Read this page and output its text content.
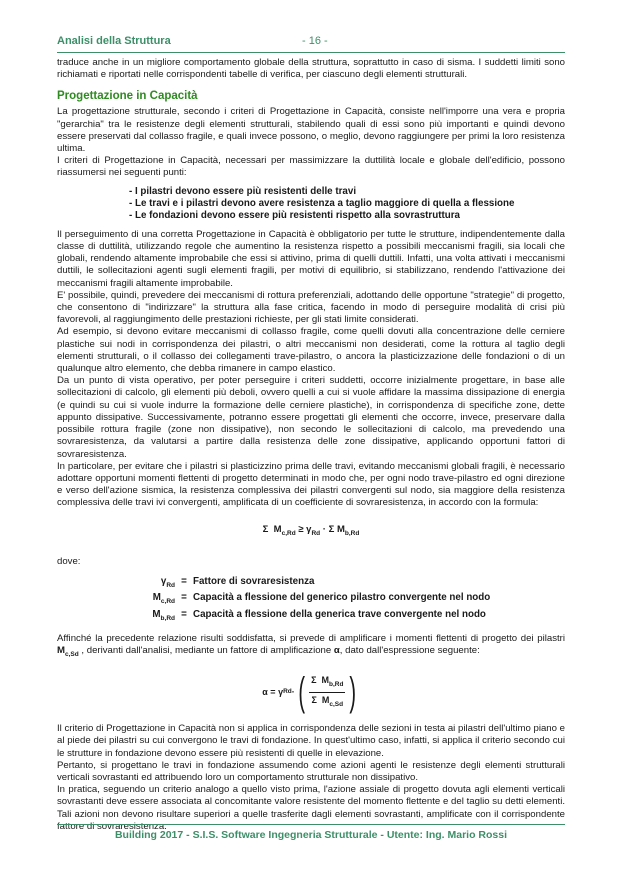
Analisi della Struttura	- 16 -

traduce anche in un migliore comportamento globale della struttura, soprattutto in caso di sisma. I suddetti limiti sono richiamati e riportati nelle corrispondenti tabelle di verifica, per ciascuno degli elementi strutturali.

Progettazione in Capacità

La progettazione strutturale, secondo i criteri di Progettazione in Capacità, consiste nell'imporre una vera e propria "gerarchia" tra le resistenze degli elementi strutturali, stabilendo quali di essi sono più importanti e quindi devono essere preservati dal collasso fragile, e quali invece possono, o meglio, devono raggiungere per primi la loro resistenza ultima.

I criteri di Progettazione in Capacità, necessari per massimizzare la duttilità locale e globale dell'edificio, possono riassumersi nei seguenti punti:

- I pilastri devono essere più resistenti delle travi
- Le travi e i pilastri devono avere resistenza a taglio maggiore di quella a flessione
- Le fondazioni devono essere più resistenti rispetto alla sovrastruttura

Il perseguimento di una corretta Progettazione in Capacità è obbligatorio per tutte le strutture, indipendentemente dalla classe di duttilità, utilizzando regole che aumentino la resistenza rispetto a possibili meccanismi fragili, sia locali che globali, rendendo altamente improbabile che essi si attivino, prima di quelli duttili. Infatti, una volta attivati i meccanismi duttili, le sollecitazioni agenti sugli elementi fragili, per motivi di equilibrio, si stabilizzano, rendendo l'attivazione dei meccanismi fragili altamente improbabile.

E' possibile, quindi, prevedere dei meccanismi di rottura preferenziali, adottando delle opportune "strategie" di progetto, che consentono di "indirizzare" la struttura alla fase critica, facendo in modo di perseguire modalità di crisi più favorevoli, al raggiungimento delle prestazioni richieste, per gli stati limite considerati.

Ad esempio, si devono evitare meccanismi di collasso fragile, come quelli dovuti alla concentrazione delle cerniere plastiche sui nodi in corrispondenza dei pilastri, o altri meccanismi non desiderati, come la rottura al taglio degli elementi strutturali, o il collasso dei collegamenti trave-pilastro, o ancora la plasticizzazione delle fondazioni o di un qualunque altro elemento, che debba rimanere in campo elastico.

Da un punto di vista operativo, per poter perseguire i criteri suddetti, occorre inizialmente progettare, in base alle sollecitazioni di calcolo, gli elementi più deboli, ovvero quelli a cui si vuole affidare la massima dissipazione di energia (e quindi su cui si vuole indurre la formazione delle cerniere plastiche), in corrispondenza di specifiche zone, dette appunto dissipative. Successivamente, potranno essere progettati gli elementi che occorre, invece, preservare dalla possibile rottura fragile (zone non dissipative), non secondo le sollecitazioni di calcolo, ma prevedendo una sovraresistenza, da valutarsi a partire dalla resistenza delle zone dissipative, applicando opportuni fattori di sovraresistenza.

In particolare, per evitare che i pilastri si plasticizzino prima delle travi, evitando meccanismi globali fragili, è necessario adottare opportuni momenti flettenti di progetto determinati in modo che, per ogni nodo trave-pilastro ed ogni direzione e verso dell'azione sismica, la resistenza complessiva dei pilastri convergenti sul nodo, sia maggiore della resistenza complessiva delle travi ivi convergenti, amplificata di un coefficiente di sovraresistenza, in accordo con la formula:

Σ $M_{c,Rd} \ge \gamma_{Rd} \cdot \Sigma$ $M_{b,Rd}$

dove:

$\gamma_{Rd}$ = Fattore di sovraresistenza
$M_{c,Rd}$ = Capacità a flessione del generico pilastro convergente nel nodo
$M_{b,Rd}$ = Capacità a flessione della generica trave convergente nel nodo

Affinché la precedente relazione risulti soddisfatta, si prevede di amplificare i momenti flettenti di progetto dei pilastri $M_{c,Sd}$ , derivanti dall'analisi, mediante un fattore di amplificazione α, dato dall'espressione seguente:

α
=
γ Rd · ( $\frac{\Sigma M_{b,Rd}}{\Sigma M_{c,Sd}}$ )

Il criterio di Progettazione in Capacità non si applica in corrispondenza delle sezioni in testa ai pilastri dell'ultimo piano e al piede dei pilastri su cui convergono le travi di fondazione. In quest'ultimo caso, infatti, si applica il criterio secondo cui le strutture in fondazione devono essere più resistenti di quelle in elevazione.

Pertanto, si progettano le travi in fondazione assumendo come azioni agenti le resistenze degli elementi strutturali verticali sovrastanti ed attribuendo loro un comportamento strutturale non dissipativo.

In pratica, seguendo un criterio analogo a quello visto prima, l'azione assiale di progetto dovuta agli elementi verticali sovrastanti deve essere associata al concomitante valore resistente del momento flettente e del taglio su detti elementi. Tali azioni non devono risultare superiori a quelle trasferite dagli elementi sovrastanti, amplificate con il corrispondente fattore di sovraresistenza.

Building 2017 - S.I.S. Software Ingegneria Strutturale - Utente: Ing. Mario Rossi
